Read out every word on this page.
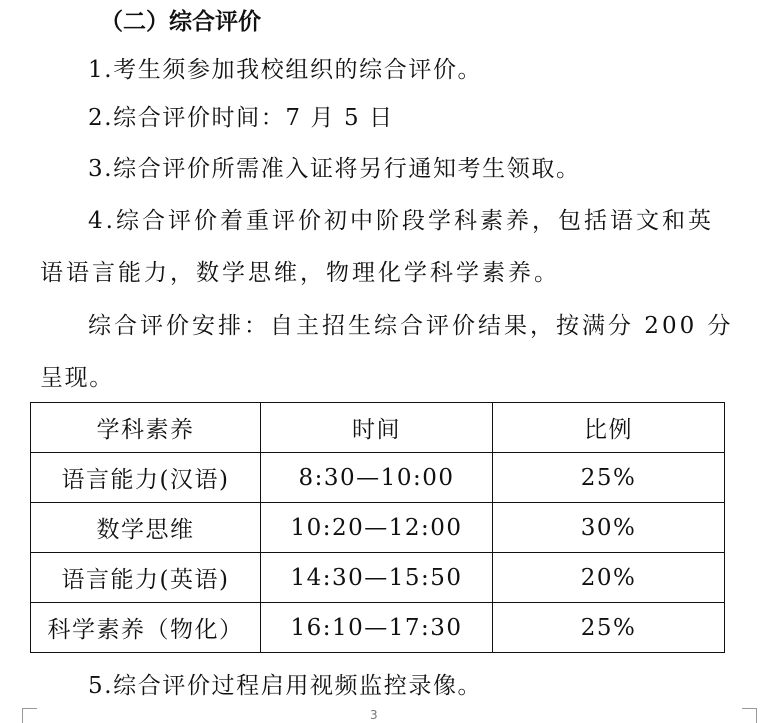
（二）综合评价
1.考生须参加我校组织的综合评价。
2.综合评价时间：7 月 5 日
3.综合评价所需准入证将另行通知考生领取。
4.综合评价着重评价初中阶段学科素养，包括语文和英
语语言能力，数学思维，物理化学科学素养。
综合评价安排：自主招生综合评价结果，按满分 200 分
呈现。
学科素养	时间	比例
语言能力(汉语)	8:30—10:00	25%
数学思维	10:20—12:00	30%
语言能力(英语)	14:30—15:50	20%
科学素养（物化）	16:10—17:30	25%
5.综合评价过程启用视频监控录像。
3
